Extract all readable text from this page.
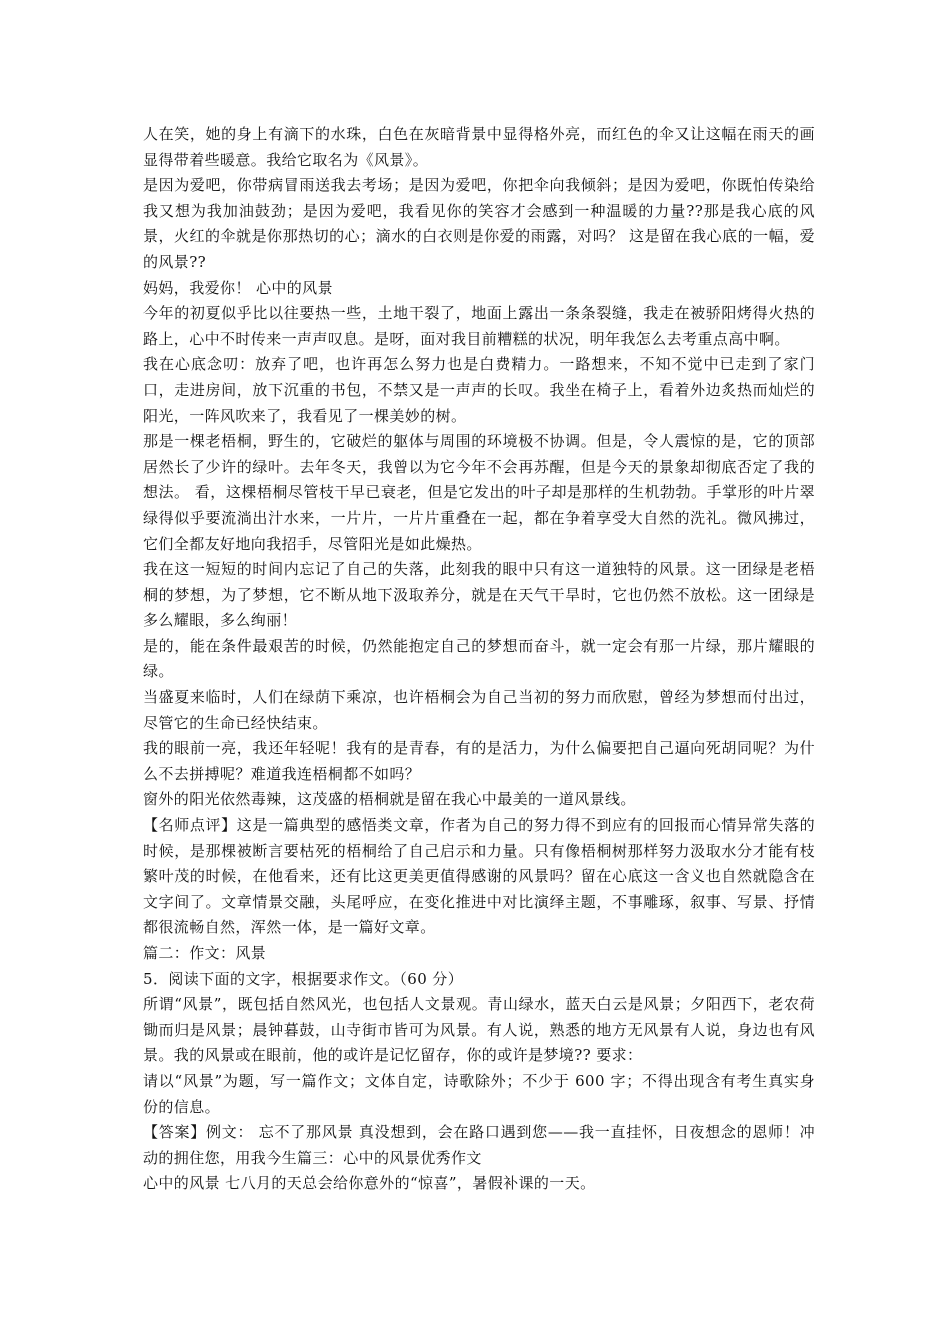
人在笑，她的身上有滴下的水珠，白色在灰暗背景中显得格外亮，而红色的伞又让这幅在雨天的画显得带着些暖意。我给它取名为《风景》。

是因为爱吧，你带病冒雨送我去考场；是因为爱吧，你把伞向我倾斜；是因为爱吧，你既怕传染给我又想为我加油鼓劲；是因为爱吧，我看见你的笑容才会感到一种温暖的力量??那是我心底的风景，火红的伞就是你那热切的心；滴水的白衣则是你爱的雨露，对吗？ 这是留在我心底的一幅，爱的风景??

妈妈，我爱你！ 心中的风景

今年的初夏似乎比以往要热一些，土地干裂了，地面上露出一条条裂缝，我走在被骄阳烤得火热的路上，心中不时传来一声声叹息。是呀，面对我目前糟糕的状况，明年我怎么去考重点高中啊。

我在心底念叨：放弃了吧，也许再怎么努力也是白费精力。一路想来，不知不觉中已走到了家门口，走进房间，放下沉重的书包，不禁又是一声声的长叹。我坐在椅子上，看着外边炙热而灿烂的阳光，一阵风吹来了，我看见了一棵美妙的树。

那是一棵老梧桐，野生的，它破烂的躯体与周围的环境极不协调。但是，令人震惊的是，它的顶部居然长了少许的绿叶。去年冬天，我曾以为它今年不会再苏醒，但是今天的景象却彻底否定了我的想法。 看，这棵梧桐尽管枝干早已衰老，但是它发出的叶子却是那样的生机勃勃。手掌形的叶片翠绿得似乎要流淌出汁水来，一片片，一片片重叠在一起，都在争着享受大自然的洗礼。微风拂过，它们全都友好地向我招手，尽管阳光是如此燥热。

我在这一短短的时间内忘记了自己的失落，此刻我的眼中只有这一道独特的风景。这一团绿是老梧桐的梦想，为了梦想，它不断从地下汲取养分，就是在天气干旱时，它也仍然不放松。这一团绿是多么耀眼，多么绚丽！

是的，能在条件最艰苦的时候，仍然能抱定自己的梦想而奋斗，就一定会有那一片绿，那片耀眼的绿。

当盛夏来临时，人们在绿荫下乘凉，也许梧桐会为自己当初的努力而欣慰，曾经为梦想而付出过，尽管它的生命已经快结束。

我的眼前一亮，我还年轻呢！我有的是青春，有的是活力，为什么偏要把自己逼向死胡同呢？为什么不去拼搏呢？难道我连梧桐都不如吗？

窗外的阳光依然毒辣，这茂盛的梧桐就是留在我心中最美的一道风景线。

【名师点评】这是一篇典型的感悟类文章，作者为自己的努力得不到应有的回报而心情异常失落的时候，是那棵被断言要枯死的梧桐给了自己启示和力量。只有像梧桐树那样努力汲取水分才能有枝繁叶茂的时候，在他看来，还有比这更美更值得感谢的风景吗？留在心底这一含义也自然就隐含在文字间了。文章情景交融，头尾呼应，在变化推进中对比演绎主题，不事雕琢，叙事、写景、抒情都很流畅自然，浑然一体，是一篇好文章。

篇二：作文：风景

5．阅读下面的文字，根据要求作文。（60 分）

所谓“风景”，既包括自然风光，也包括人文景观。青山绿水，蓝天白云是风景；夕阳西下，老农荷锄而归是风景；晨钟暮鼓，山寺街市皆可为风景。有人说，熟悉的地方无风景有人说，身边也有风景。我的风景或在眼前，他的或许是记忆留存，你的或许是梦境?? 要求：

请以“风景”为题，写一篇作文；文体自定，诗歌除外；不少于 600 字；不得出现含有考生真实身份的信息。

【答案】例文： 忘不了那风景 真没想到，会在路口遇到您——我一直挂怀，日夜想念的恩师！冲动的拥住您，用我今生篇三：心中的风景优秀作文

心中的风景 七八月的天总会给你意外的“惊喜”，暑假补课的一天。
